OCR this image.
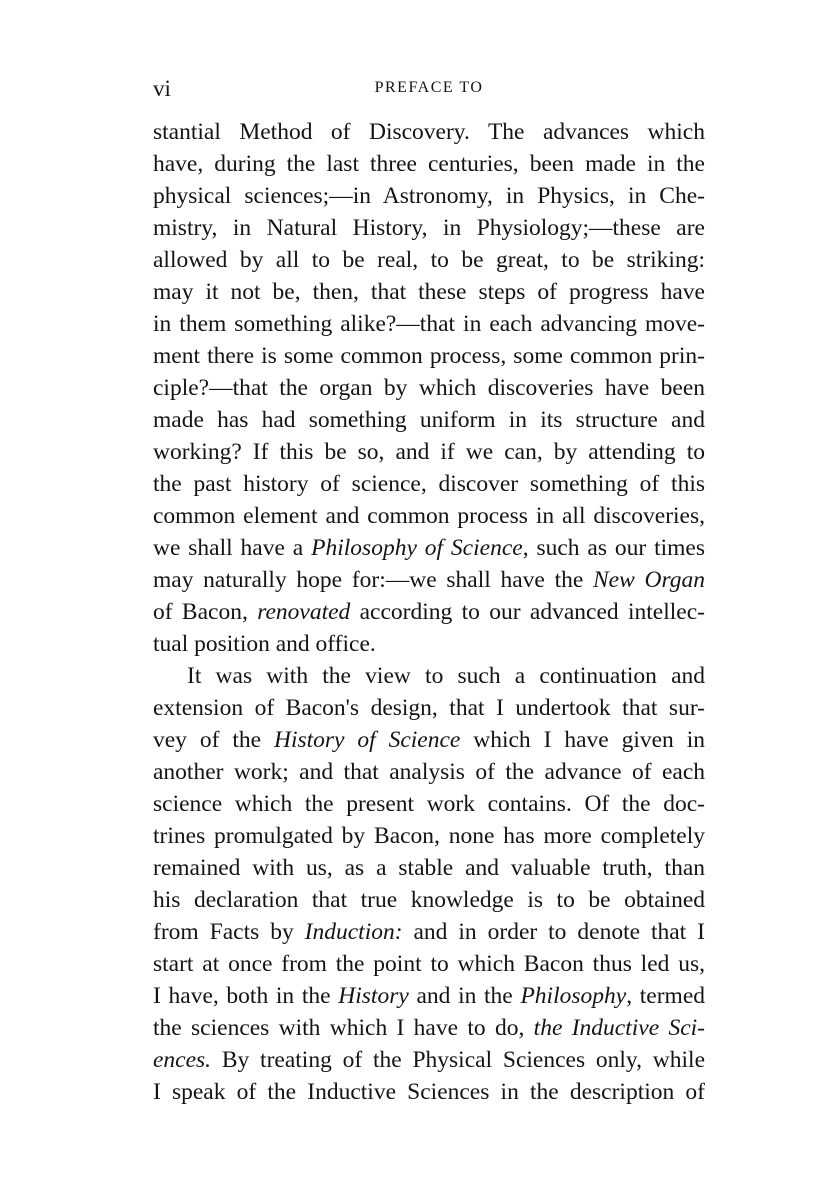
vi	PREFACE TO
stantial Method of Discovery. The advances which
have, during the last three centuries, been made in the
physical sciences;—in Astronomy, in Physics, in Che-
mistry, in Natural History, in Physiology;—these are
allowed by all to be real, to be great, to be striking:
may it not be, then, that these steps of progress have
in them something alike?—that in each advancing move-
ment there is some common process, some common prin-
ciple?—that the organ by which discoveries have been
made has had something uniform in its structure and
working? If this be so, and if we can, by attending to
the past history of science, discover something of this
common element and common process in all discoveries,
we shall have a Philosophy of Science, such as our times
may naturally hope for:—we shall have the New Organ
of Bacon, renovated according to our advanced intellec-
tual position and office.
It was with the view to such a continuation and
extension of Bacon's design, that I undertook that sur-
vey of the History of Science which I have given in
another work; and that analysis of the advance of each
science which the present work contains. Of the doc-
trines promulgated by Bacon, none has more completely
remained with us, as a stable and valuable truth, than
his declaration that true knowledge is to be obtained
from Facts by Induction: and in order to denote that I
start at once from the point to which Bacon thus led us,
I have, both in the History and in the Philosophy, termed
the sciences with which I have to do, the Inductive Sci-
ences. By treating of the Physical Sciences only, while
I speak of the Inductive Sciences in the description of
